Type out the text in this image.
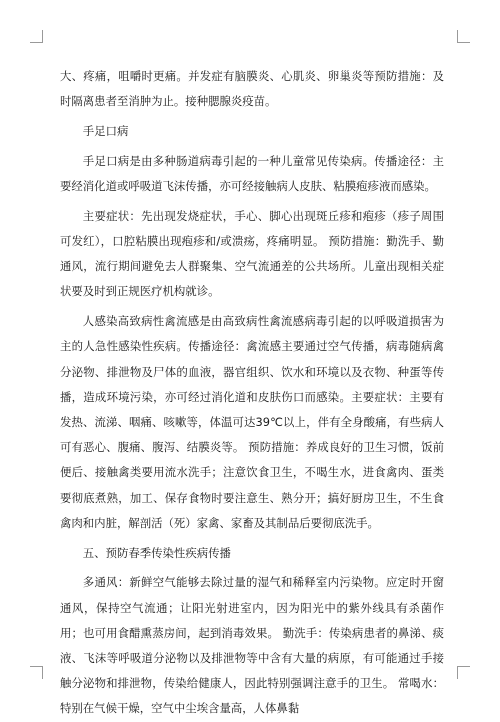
大、疼痛，咀嚼时更痛。并发症有脑膜炎、心肌炎、卵巢炎等预防措施：及时隔离患者至消肿为止。接种腮腺炎疫苗。

手足口病

手足口病是由多种肠道病毒引起的一种儿童常见传染病。传播途径：主要经消化道或呼吸道飞沫传播，亦可经接触病人皮肤、粘膜疱疹液而感染。

主要症状：先出现发烧症状，手心、脚心出现斑丘疹和疱疹（疹子周围可发红），口腔粘膜出现疱疹和/或溃疡，疼痛明显。 预防措施：勤洗手、勤通风，流行期间避免去人群聚集、空气流通差的公共场所。儿童出现相关症状要及时到正规医疗机构就诊。

人感染高致病性禽流感是由高致病性禽流感病毒引起的以呼吸道损害为主的人急性感染性疾病。传播途径：禽流感主要通过空气传播，病毒随病禽分泌物、排泄物及尸体的血液，器官组织、饮水和环境以及衣物、种蛋等传播，造成环境污染，亦可经过消化道和皮肤伤口而感染。主要症状：主要有发热、流涕、咽痛、咳嗽等，体温可达39℃以上，伴有全身酸痛，有些病人可有恶心、腹痛、腹泻、结膜炎等。 预防措施：养成良好的卫生习惯，饭前便后、接触禽类要用流水洗手；注意饮食卫生，不喝生水，进食禽肉、蛋类要彻底煮熟，加工、保存食物时要注意生、熟分开；搞好厨房卫生，不生食禽肉和内脏，解剖活（死）家禽、家畜及其制品后要彻底洗手。

五、预防春季传染性疾病传播

多通风：新鲜空气能够去除过量的湿气和稀释室内污染物。应定时开窗通风，保持空气流通；让阳光射进室内，因为阳光中的紫外线具有杀菌作用；也可用食醋熏蒸房间，起到消毒效果。 勤洗手：传染病患者的鼻涕、痰液、飞沫等呼吸道分泌物以及排泄物等中含有大量的病原，有可能通过手接触分泌物和排泄物，传染给健康人，因此特别强调注意手的卫生。 常喝水：特别在气候干燥，空气中尘埃含量高，人体鼻黏
